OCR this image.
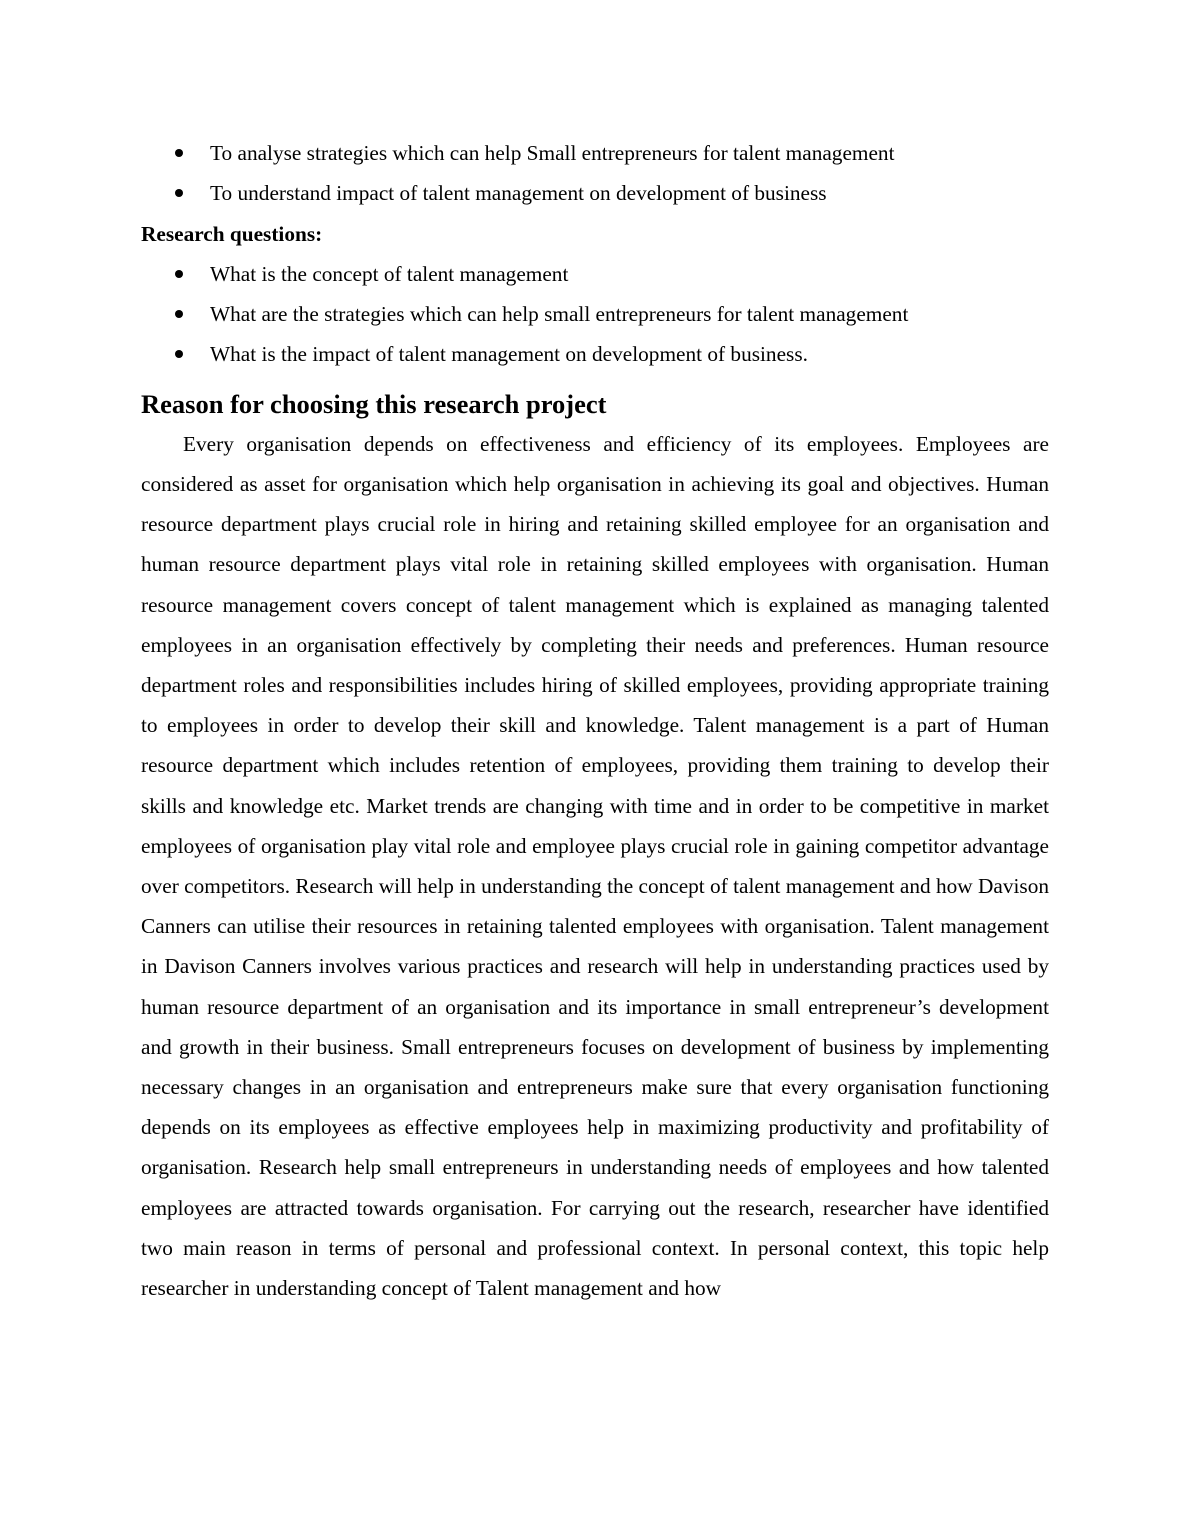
To analyse strategies which can help Small entrepreneurs for talent management
To understand impact of talent management on development of business
Research questions:
What is the concept of talent management
What are the strategies which can help small entrepreneurs for talent management
What is the impact of talent management on development of business.
Reason for choosing this research project

Every organisation depends on effectiveness and efficiency of its employees. Employees are considered as asset for organisation which help organisation in achieving its goal and objectives. Human resource department plays crucial role in hiring and retaining skilled employee for an organisation and human resource department plays vital role in retaining skilled employees with organisation. Human resource management covers concept of talent management which is explained as managing talented employees in an organisation effectively by completing their needs and preferences. Human resource department roles and responsibilities includes hiring of skilled employees, providing appropriate training to employees in order to develop their skill and knowledge. Talent management is a part of Human resource department which includes retention of employees, providing them training to develop their skills and knowledge etc. Market trends are changing with time and in order to be competitive in market employees of organisation play vital role and employee plays crucial role in gaining competitor advantage over competitors. Research will help in understanding the concept of talent management and how Davison Canners can utilise their resources in retaining talented employees with organisation. Talent management in Davison Canners involves various practices and research will help in understanding practices used by human resource department of an organisation and its importance in small entrepreneur’s development and growth in their business. Small entrepreneurs focuses on development of business by implementing necessary changes in an organisation and entrepreneurs make sure that every organisation functioning depends on its employees as effective employees help in maximizing productivity and profitability of organisation. Research help small entrepreneurs in understanding needs of employees and how talented employees are attracted towards organisation. For carrying out the research, researcher have identified two main reason in terms of personal and professional context. In personal context, this topic help researcher in understanding concept of Talent management and how
